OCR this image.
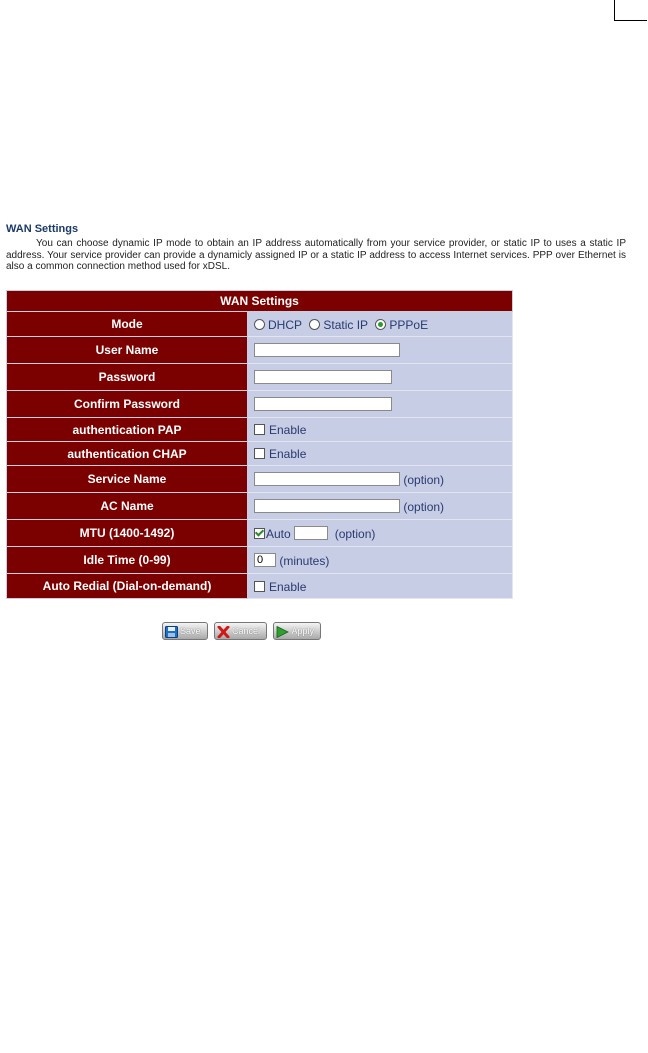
WAN Settings
You can choose dynamic IP mode to obtain an IP address automatically from your service provider, or static IP to uses a static IP address. Your service provider can provide a dynamicly assigned IP or a static IP address to access Internet services. PPP over Ethernet is also a common connection method used for xDSL.
WAN Settings	
Mode	DHCP Static IP PPPoE
User Name	
Password	
Confirm Password	
authentication PAP	Enable
authentication CHAP	Enable
Service Name	(option)
AC Name	(option)
MTU (1400-1492)	Auto (option)
Idle Time (0-99)	0(minutes)
Auto Redial (Dial-on-demand)	Enable
Save	Cancel	Apply
